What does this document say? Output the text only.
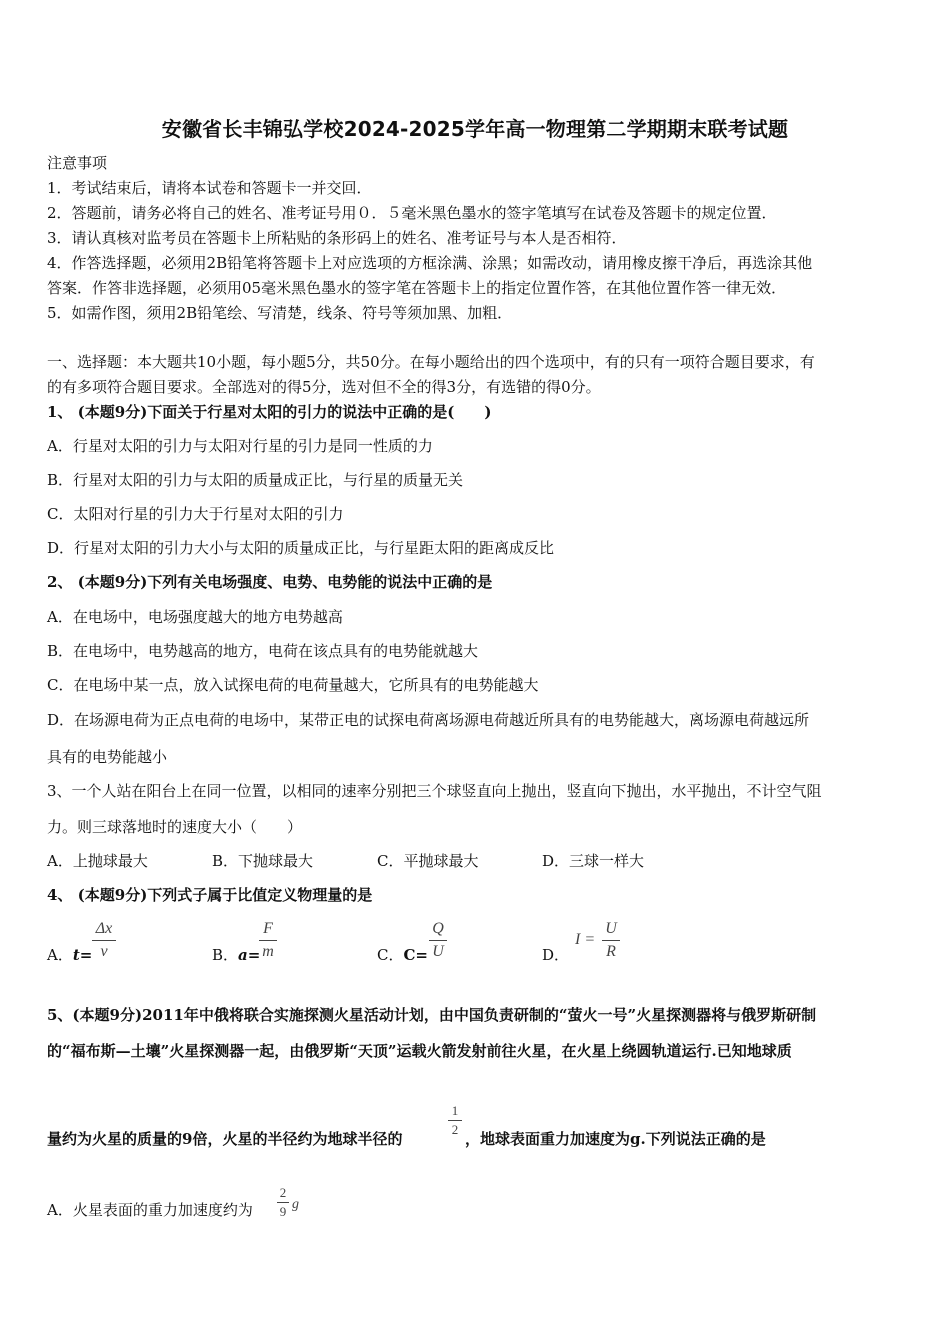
安徽省长丰锦弘学校2024-2025学年高一物理第二学期期末联考试题
注意事项
1．考试结束后，请将本试卷和答题卡一并交回．
2．答题前，请务必将自己的姓名、准考证号用０．５毫米黑色墨水的签字笔填写在试卷及答题卡的规定位置．
3．请认真核对监考员在答题卡上所粘贴的条形码上的姓名、准考证号与本人是否相符．
4．作答选择题，必须用2B铅笔将答题卡上对应选项的方框涂满、涂黑；如需改动，请用橡皮擦干净后，再选涂其他
答案．作答非选择题，必须用05毫米黑色墨水的签字笔在答题卡上的指定位置作答，在其他位置作答一律无效．
5．如需作图，须用2B铅笔绘、写清楚，线条、符号等须加黑、加粗．
一、选择题：本大题共10小题，每小题5分，共50分。在每小题给出的四个选项中，有的只有一项符合题目要求，有
的有多项符合题目要求。全部选对的得5分，选对但不全的得3分，有选错的得0分。
1、 (本题9分)下面关于行星对太阳的引力的说法中正确的是(　　)
A．行星对太阳的引力与太阳对行星的引力是同一性质的力
B．行星对太阳的引力与太阳的质量成正比，与行星的质量无关
C．太阳对行星的引力大于行星对太阳的引力
D．行星对太阳的引力大小与太阳的质量成正比，与行星距太阳的距离成反比
2、 (本题9分)下列有关电场强度、电势、电势能的说法中正确的是
A．在电场中，电场强度越大的地方电势越高
B．在电场中，电势越高的地方，电荷在该点具有的电势能就越大
C．在电场中某一点，放入试探电荷的电荷量越大，它所具有的电势能越大
D．在场源电荷为正点电荷的电场中，某带正电的试探电荷离场源电荷越近所具有的电势能越大，离场源电荷越远所
具有的电势能越小
3、一个人站在阳台上在同一位置，以相同的速率分别把三个球竖直向上抛出，竖直向下抛出，水平抛出，不计空气阻
力。则三球落地时的速度大小（　　）
A．上抛球最大	B．下抛球最大	C．平抛球最大	D．三球一样大
4、 (本题9分)下列式子属于比值定义物理量的是
A．t=
Δx
v	B．a=
F
m	C．C=
Q
U	D．
I =
U
R
5、(本题9分)2011年中俄将联合实施探测火星活动计划，由中国负责研制的“萤火一号”火星探测器将与俄罗斯研制
的“福布斯—土壤”火星探测器一起，由俄罗斯“天顶”运载火箭发射前往火星，在火星上绕圆轨道运行.已知地球质
量约为火星的质量的9倍，火星的半径约为地球半径的
1
2
，地球表面重力加速度为g.下列说法正确的是
A．火星表面的重力加速度约为
2
9 g
